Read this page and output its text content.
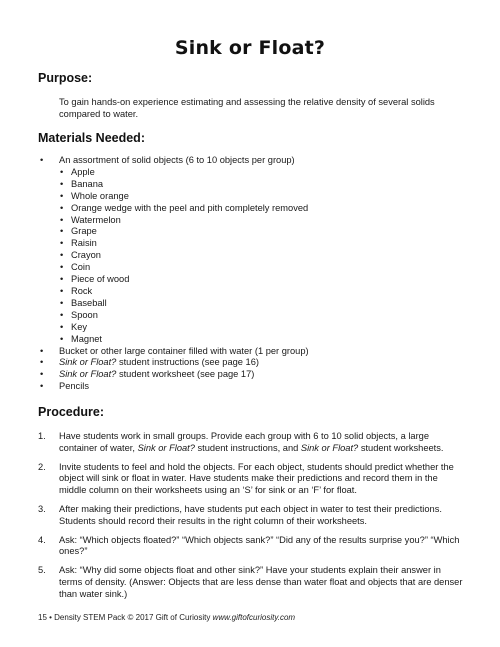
Sink or Float?
Purpose:

To gain hands-on experience estimating and assessing the relative density of several solids compared to water.

Materials Needed:
• An assortment of solid objects (6 to 10 objects per group)
• Apple
• Banana
• Whole orange
• Orange wedge with the peel and pith completely removed
• Watermelon
• Grape
• Raisin
• Crayon
• Coin
• Piece of wood
• Rock
• Baseball
• Spoon
• Key
• Magnet
• Bucket or other large container filled with water (1 per group)
• Sink or Float? student instructions (see page 16)
• Sink or Float? student worksheet (see page 17)
• Pencils
Procedure:
1. Have students work in small groups. Provide each group with 6 to 10 solid objects, a large container of water, Sink or Float? student instructions, and Sink or Float? student worksheets.
2. Invite students to feel and hold the objects. For each object, students should predict whether the object will sink or float in water. Have students make their predictions and record them in the middle column on their worksheets using an ‘S’ for sink or an ‘F’ for float.
3. After making their predictions, have students put each object in water to test their predictions. Students should record their results in the right column of their worksheets.
4. Ask: “Which objects floated?” “Which objects sank?” “Did any of the results surprise you?” “Which ones?”
5. Ask: “Why did some objects float and other sink?” Have your students explain their answer in terms of density. (Answer: Objects that are less dense than water float and objects that are denser than water sink.)
15 • Density STEM Pack © 2017 Gift of Curiosity www.giftofcuriosity.com
